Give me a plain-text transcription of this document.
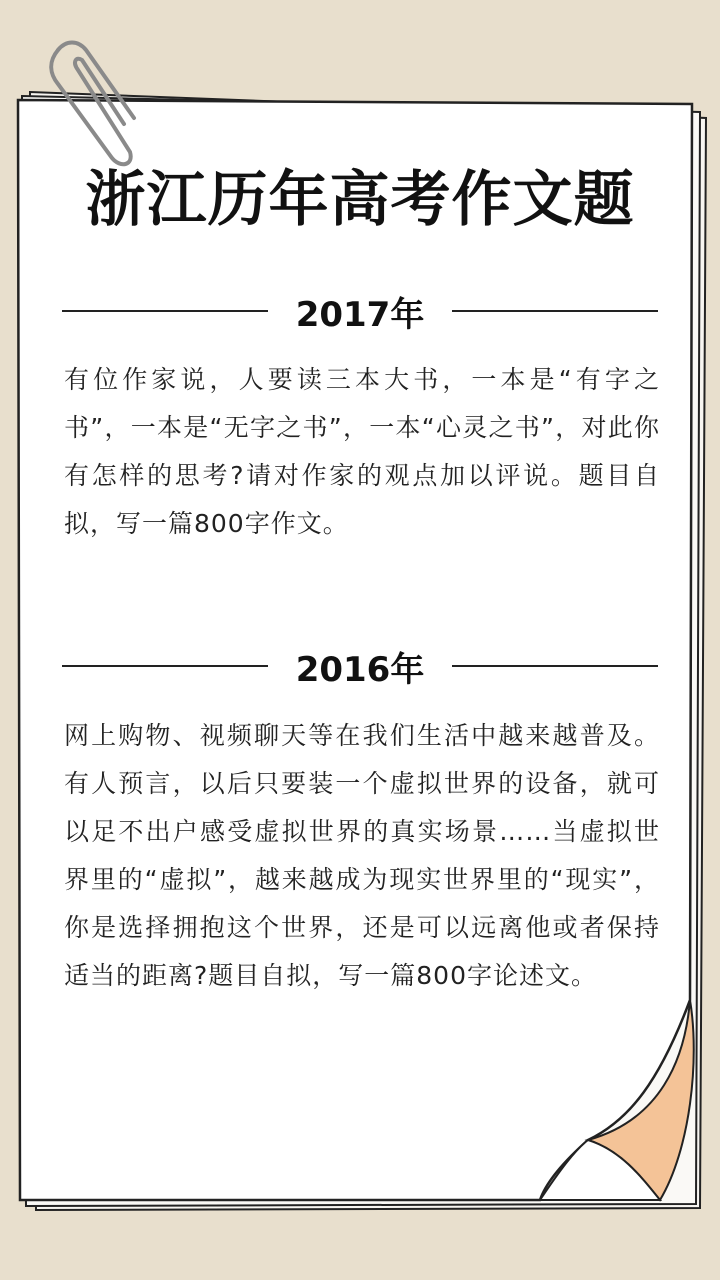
浙江历年高考作文题
2017年
有位作家说，人要读三本大书，一本是“有字之书”，一本是“无字之书”，一本“心灵之书”，对此你有怎样的思考?请对作家的观点加以评说。题目自拟，写一篇800字作文。
2016年
网上购物、视频聊天等在我们生活中越来越普及。有人预言，以后只要装一个虚拟世界的设备，就可以足不出户感受虚拟世界的真实场景……当虚拟世界里的“虚拟”，越来越成为现实世界里的“现实”，你是选择拥抱这个世界，还是可以远离他或者保持适当的距离?题目自拟，写一篇800字论述文。
